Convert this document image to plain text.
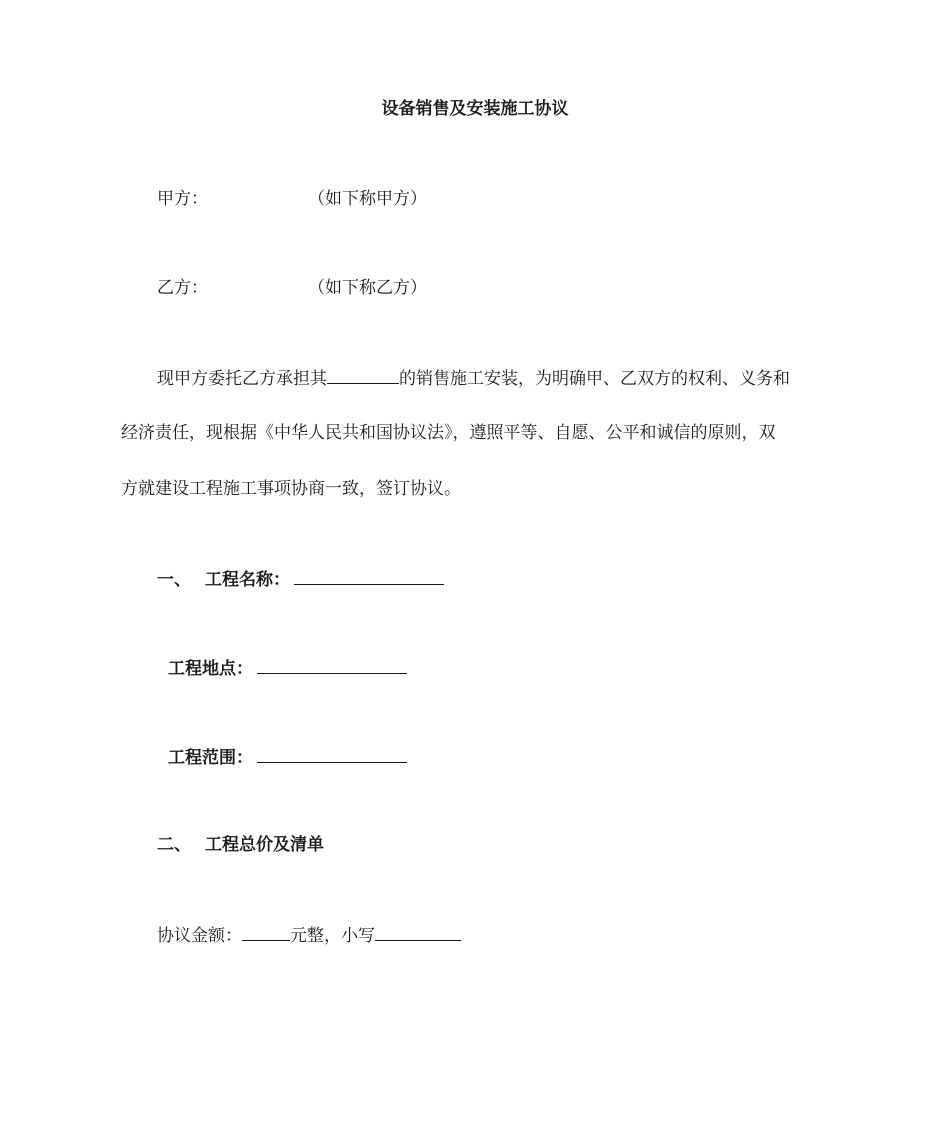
设备销售及安装施工协议
甲方：	（如下称甲方）
乙方：	（如下称乙方）
现甲方委托乙方承担其	的销售施工安装，为明确甲、乙双方的权利、义务和
经济责任，现根据《中华人民共和国协议法》，遵照平等、自愿、公平和诚信的原则，双
方就建设工程施工事项协商一致，签订协议。
一、 工程名称：
工程地点：
工程范围：
二、 工程总价及清单
协议金额：	元整，小写
